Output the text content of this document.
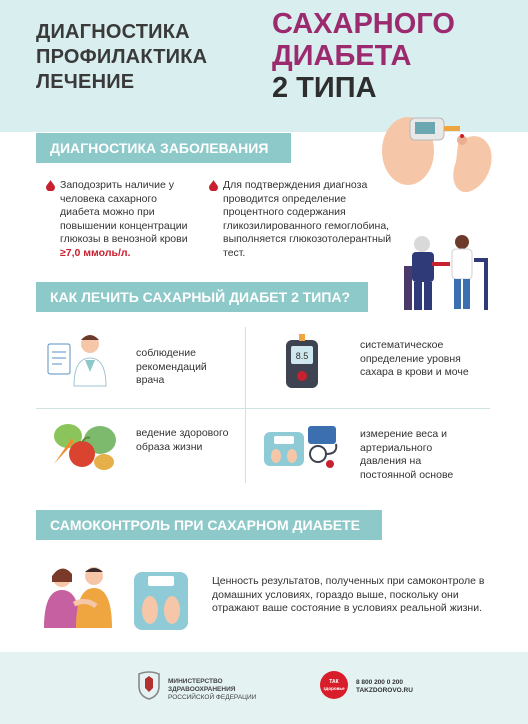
ДИАГНОСТИКА
ПРОФИЛАКТИКА
ЛЕЧЕНИЕ
САХАРНОГО
ДИАБЕТА
2 ТИПА
ДИАГНОСТИКА ЗАБОЛЕВАНИЯ
Заподозрить наличие у человека сахарного диабета можно при повышении концентрации глюкозы в венозной крови ≥7,0 ммоль/л.
Для подтверждения диагноза проводится определение процентного содержания гликозилированного гемоглобина, выполняется глюкозотолерантный тест.
КАК ЛЕЧИТЬ САХАРНЫЙ ДИАБЕТ 2 ТИПА?
соблюдение рекомендаций врача
8.5
систематическое определение уровня сахара в крови и моче
ведение здорового образа жизни
измерение веса и артериального давления на постоянной основе
САМОКОНТРОЛЬ ПРИ САХАРНОМ ДИАБЕТЕ
Ценность результатов, полученных при самоконтроле в домашних условиях, гораздо выше, поскольку они отражают ваше состояние в условиях реальной жизни.
МИНИСТЕРСТВО
ЗДРАВООХРАНЕНИЯ
РОССИЙСКОЙ ФЕДЕРАЦИИ
ТАК
здоровье
8 800 200 0 200
TAKZDOROVO.RU
